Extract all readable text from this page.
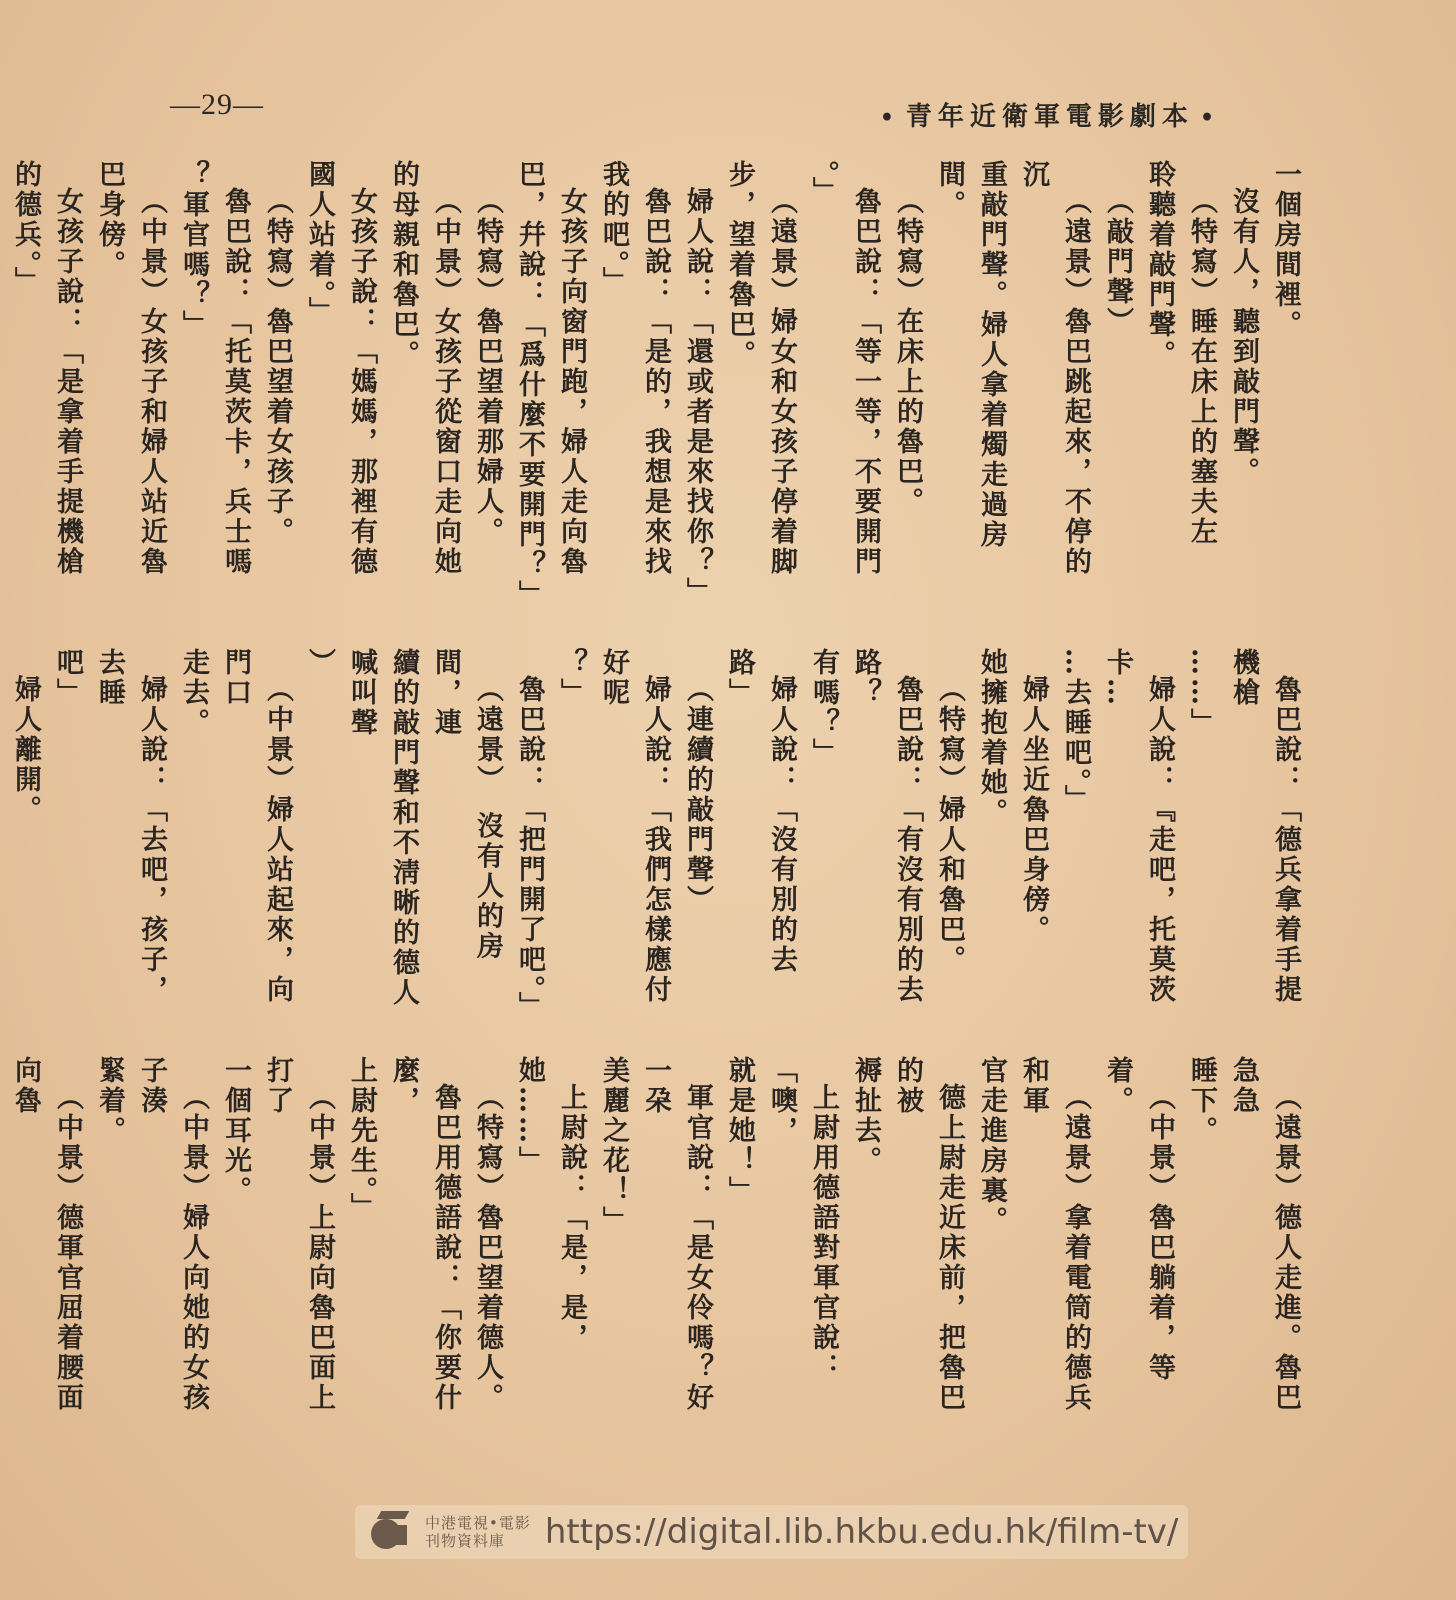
—29—	• 青年近衛軍電影劇本 •

一個房間裡。

沒有人，聽到敲門聲。

（特寫）睡在床上的塞夫左

聆聽着敲門聲。

（敲門聲）

（遠景）魯巴跳起來，不停的沉

重敲門聲。婦人拿着燭走過房間。

（特寫）在床上的魯巴。

魯巴說：「等一等，不要開門

。」

（遠景）婦女和女孩子停着脚

步，望着魯巴。

婦人說：「還或者是來找你？」

魯巴說：「是的，我想是來找

我的吧。」

女孩子向窗門跑，婦人走向魯

巴，幷說：「爲什麼不要開門？」

（特寫）魯巴望着那婦人。

（中景）女孩子從窗口走向她

的母親和魯巴。

女孩子說：「媽媽，那裡有德

國人站着。」

（特寫）魯巴望着女孩子。

魯巴說：「托莫茨卡，兵士嗎

？軍官嗎？」

（中景）女孩子和婦人站近魯

巴身傍。

女孩子說：「是拿着手提機槍

的德兵。」

魯巴說：「德兵拿着手提機槍

……」

婦人說：『走吧，托莫茨卡…

…去睡吧。」

婦人坐近魯巴身傍。

她擁抱着她。

（特寫）婦人和魯巴。

魯巴說：「有沒有別的去路？

有嗎？」

婦人說：「沒有別的去路」

（連續的敲門聲）

婦人說：「我們怎樣應付好呢

？」

魯巴說：「把門開了吧。」

（遠景）　沒有人的房間，連

續的敲門聲和不淸晰的德人喊叫聲

）

（中景）婦人站起來，向門口

走去。

婦人說：「去吧，孩子，去睡

吧」

婦人離開。

（遠景）德人走進。魯巴急急

睡下。

（中景）魯巴躺着，等着。

（遠景）拿着電筒的德兵和軍

官走進房裏。

德上尉走近床前，把魯巴的被

褥扯去。

上尉用德語對軍官說：「噢，

就是她！」

軍官說：「是女伶嗎？好一朶

美麗之花！」

上尉說：「是，是，她……」

（特寫）魯巴望着德人。

魯巴用德語說：「你要什麼，

上尉先生。」

（中景）上尉向魯巴面上打了

一個耳光。

（中景）婦人向她的女孩子湊

緊着。

（中景）德軍官屈着腰面向魯

中港電視•電影
刊物資料庫	https://digital.lib.hkbu.edu.hk/film-tv/
